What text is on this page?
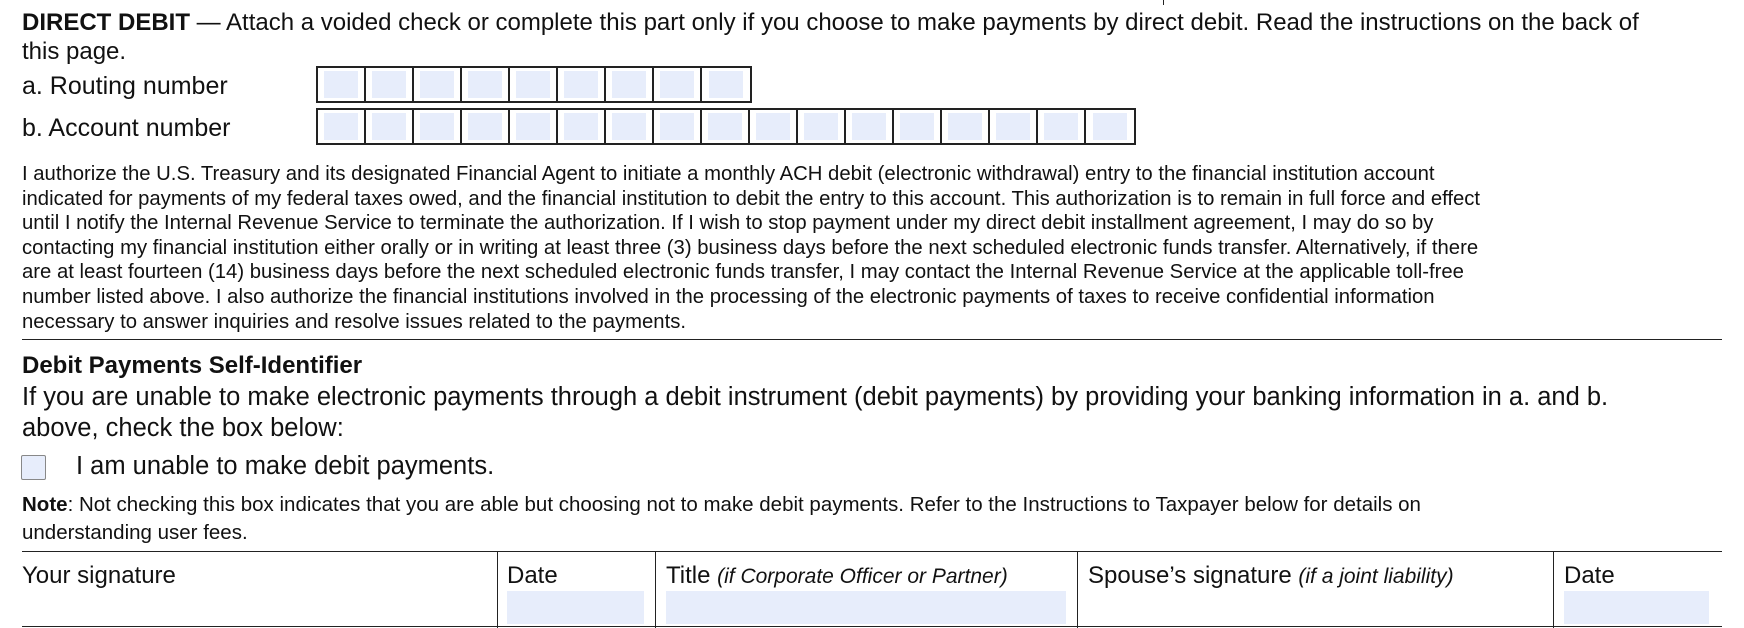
DIRECT DEBIT — Attach a voided check or complete this part only if you choose to make payments by direct debit. Read the instructions on the back of
this page.
a. Routing number
b. Account number
I authorize the U.S. Treasury and its designated Financial Agent to initiate a monthly ACH debit (electronic withdrawal) entry to the financial institution account
indicated for payments of my federal taxes owed, and the financial institution to debit the entry to this account. This authorization is to remain in full force and effect
until I notify the Internal Revenue Service to terminate the authorization. If I wish to stop payment under my direct debit installment agreement, I may do so by
contacting my financial institution either orally or in writing at least three (3) business days before the next scheduled electronic funds transfer. Alternatively, if there
are at least fourteen (14) business days before the next scheduled electronic funds transfer, I may contact the Internal Revenue Service at the applicable toll-free
number listed above. I also authorize the financial institutions involved in the processing of the electronic payments of taxes to receive confidential information
necessary to answer inquiries and resolve issues related to the payments.
Debit Payments Self-Identifier
If you are unable to make electronic payments through a debit instrument (debit payments) by providing your banking information in a. and b.
above, check the box below:
I am unable to make debit payments.
Note: Not checking this box indicates that you are able but choosing not to make debit payments. Refer to the Instructions to Taxpayer below for details on
understanding user fees.
Your signature	Date	Title (if Corporate Officer or Partner)	Spouse’s signature (if a joint liability)	Date
